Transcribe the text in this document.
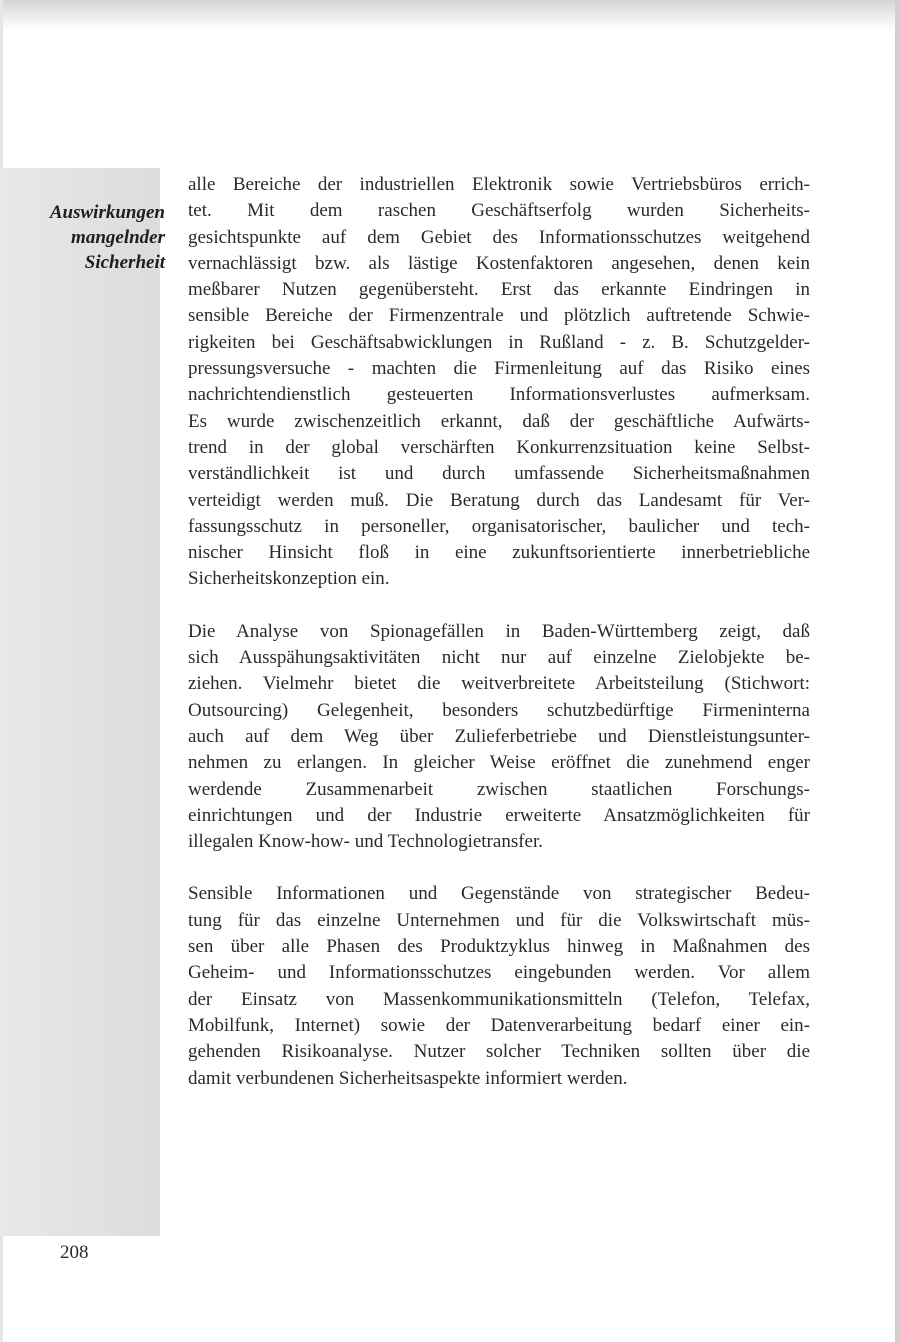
Auswirkungen
mangelnder
Sicherheit
alle Bereiche der industriellen Elektronik sowie Vertriebsbüros errich-
tet. Mit dem raschen Geschäftserfolg wurden Sicherheits-
gesichtspunkte auf dem Gebiet des Informationsschutzes weitgehend
vernachlässigt bzw. als lästige Kostenfaktoren angesehen, denen kein
meßbarer Nutzen gegenübersteht. Erst das erkannte Eindringen in
sensible Bereiche der Firmenzentrale und plötzlich auftretende Schwie-
rigkeiten bei Geschäftsabwicklungen in Rußland - z. B. Schutzgelder-
pressungsversuche - machten die Firmenleitung auf das Risiko eines
nachrichtendienstlich gesteuerten Informationsverlustes aufmerksam.
Es wurde zwischenzeitlich erkannt, daß der geschäftliche Aufwärts-
trend in der global verschärften Konkurrenzsituation keine Selbst-
verständlichkeit ist und durch umfassende Sicherheitsmaßnahmen
verteidigt werden muß. Die Beratung durch das Landesamt für Ver-
fassungsschutz in personeller, organisatorischer, baulicher und tech-
nischer Hinsicht floß in eine zukunftsorientierte innerbetriebliche
Sicherheitskonzeption ein.
Die Analyse von Spionagefällen in Baden-Württemberg zeigt, daß
sich Ausspähungsaktivitäten nicht nur auf einzelne Zielobjekte be-
ziehen. Vielmehr bietet die weitverbreitete Arbeitsteilung (Stichwort:
Outsourcing) Gelegenheit, besonders schutzbedürftige Firmeninterna
auch auf dem Weg über Zulieferbetriebe und Dienstleistungsunter-
nehmen zu erlangen. In gleicher Weise eröffnet die zunehmend enger
werdende Zusammenarbeit zwischen staatlichen Forschungs-
einrichtungen und der Industrie erweiterte Ansatzmöglichkeiten für
illegalen Know-how- und Technologietransfer.
Sensible Informationen und Gegenstände von strategischer Bedeu-
tung für das einzelne Unternehmen und für die Volkswirtschaft müs-
sen über alle Phasen des Produktzyklus hinweg in Maßnahmen des
Geheim- und Informationsschutzes eingebunden werden. Vor allem
der Einsatz von Massenkommunikationsmitteln (Telefon, Telefax,
Mobilfunk, Internet) sowie der Datenverarbeitung bedarf einer ein-
gehenden Risikoanalyse. Nutzer solcher Techniken sollten über die
damit verbundenen Sicherheitsaspekte informiert werden.
208
